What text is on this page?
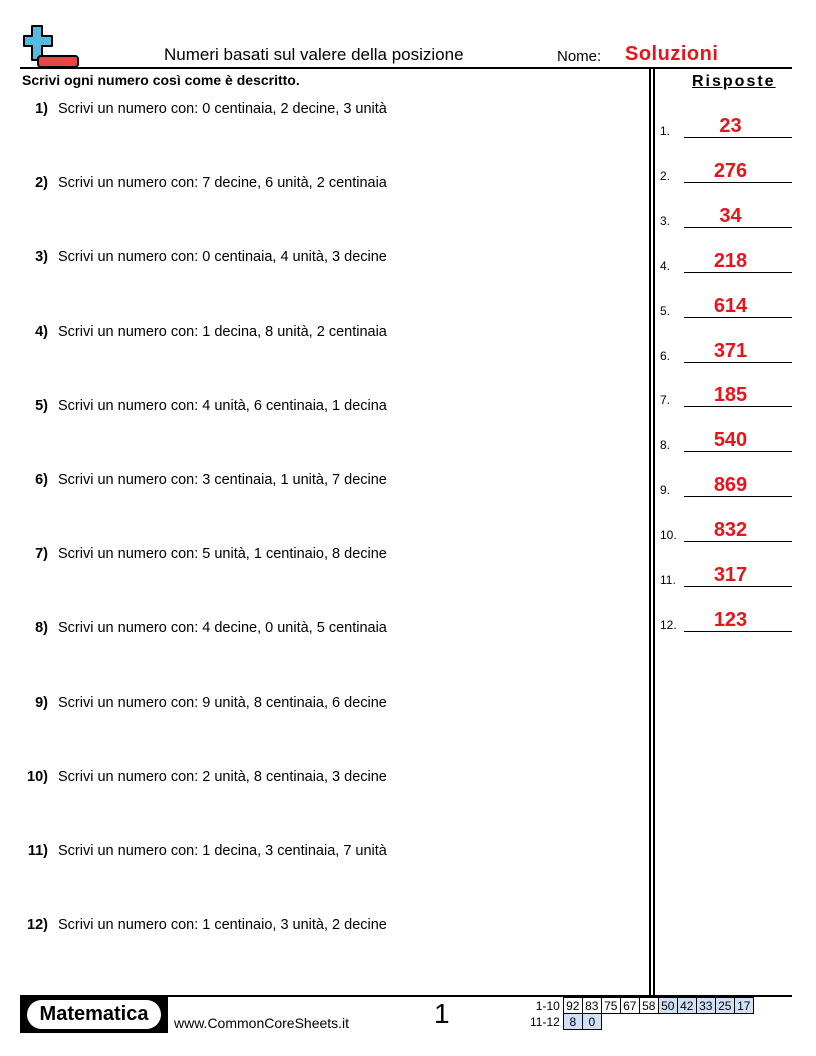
Numeri basati sul valere della posizione	Nome: Soluzioni
Scrivi ogni numero così come è descritto.	Risposte
1) Scrivi un numero con: 0 centinaia, 2 decine, 3 unità
2) Scrivi un numero con: 7 decine, 6 unità, 2 centinaia
3) Scrivi un numero con: 0 centinaia, 4 unità, 3 decine
4) Scrivi un numero con: 1 decina, 8 unità, 2 centinaia
5) Scrivi un numero con: 4 unità, 6 centinaia, 1 decina
6) Scrivi un numero con: 3 centinaia, 1 unità, 7 decine
7) Scrivi un numero con: 5 unità, 1 centinaio, 8 decine
8) Scrivi un numero con: 4 decine, 0 unità, 5 centinaia
9) Scrivi un numero con: 9 unità, 8 centinaia, 6 decine
10) Scrivi un numero con: 2 unità, 8 centinaia, 3 decine
11) Scrivi un numero con: 1 decina, 3 centinaia, 7 unità
12) Scrivi un numero con: 1 centinaio, 3 unità, 2 decine
1.	23
2.	276
3.	34
4.	218
5.	614
6.	371
7.	185
8.	540
9.	869
10.	832
11.	317
12.	123
Matematica	www.CommonCoreSheets.it	1	1-10	92	83	75	67	58	50	42	33	25	17
11-12	8	0								
